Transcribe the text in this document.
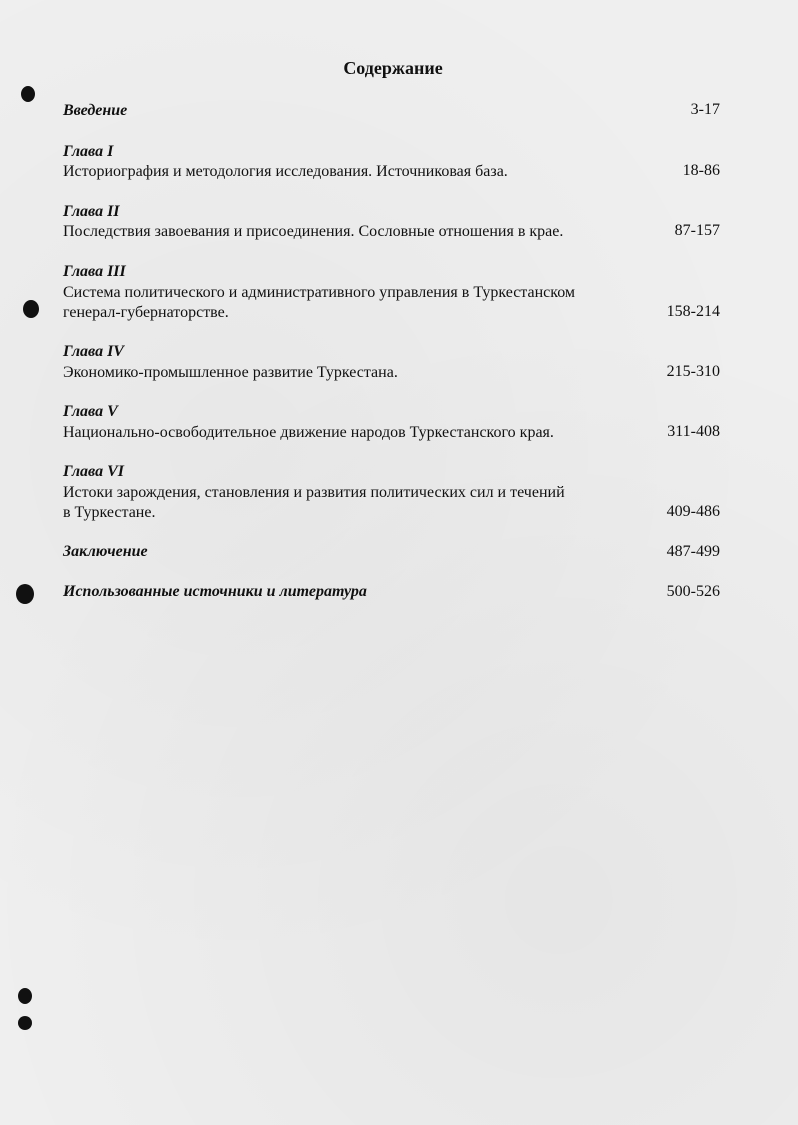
Содержание
Введение	3-17
Глава I
Историография и методология исследования. Источниковая база.	18-86
Глава II
Последствия завоевания и присоединения. Сословные отношения в крае.	87-157
Глава III
Система политического и административного управления в Туркестанском
генерал-губернаторстве.	158-214
Глава IV
Экономико-промышленное развитие Туркестана.	215-310
Глава V
Национально-освободительное движение народов Туркестанского края.	311-408
Глава VI
Истоки зарождения, становления и развития политических сил и течений
в Туркестане.	409-486
Заключение	487-499
Использованные источники и литература	500-526
